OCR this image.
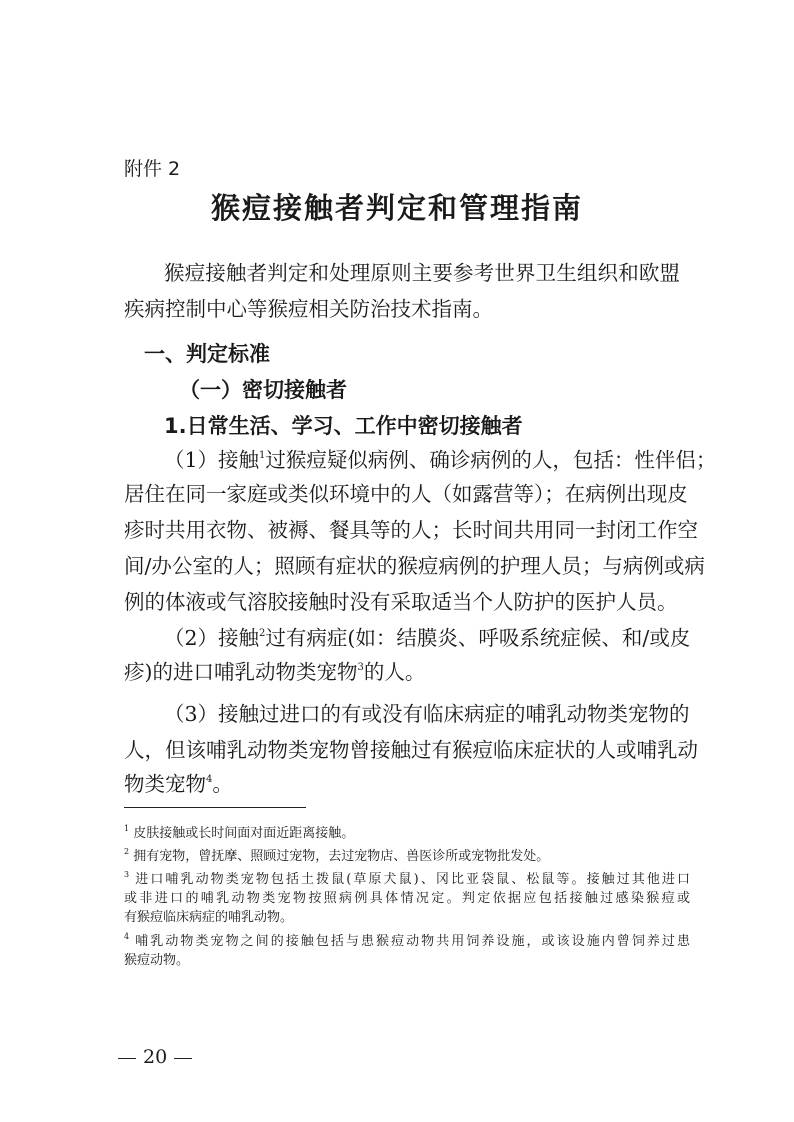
附件 2
猴痘接触者判定和管理指南
猴痘接触者判定和处理原则主要参考世界卫生组织和欧盟
疾病控制中心等猴痘相关防治技术指南。
一、判定标准
（一）密切接触者
1.日常生活、学习、工作中密切接触者
（1）接触$^1$过猴痘疑似病例、确诊病例的人，包括：性伴侣；
居住在同一家庭或类似环境中的人（如露营等）；在病例出现皮
疹时共用衣物、被褥、餐具等的人；长时间共用同一封闭工作空
间/办公室的人；照顾有症状的猴痘病例的护理人员；与病例或病
例的体液或气溶胶接触时没有采取适当个人防护的医护人员。
（2）接触$^2$过有病症(如：结膜炎、呼吸系统症候、和/或皮
疹)的进口哺乳动物类宠物$^3$的人。
（3）接触过进口的有或没有临床病症的哺乳动物类宠物的
人，但该哺乳动物类宠物曾接触过有猴痘临床症状的人或哺乳动
物类宠物$^4$。
$^1$ 皮肤接触或长时间面对面近距离接触。
$^2$ 拥有宠物，曾抚摩、照顾过宠物，去过宠物店、兽医诊所或宠物批发处。
$^3$ 进口哺乳动物类宠物包括土拨鼠(草原犬鼠)、冈比亚袋鼠、松鼠等。接触过其他进口
或非进口的哺乳动物类宠物按照病例具体情况定。判定依据应包括接触过感染猴痘或
有猴痘临床病症的哺乳动物。
$^4$ 哺乳动物类宠物之间的接触包括与患猴痘动物共用饲养设施，或该设施内曾饲养过患
猴痘动物。
20
